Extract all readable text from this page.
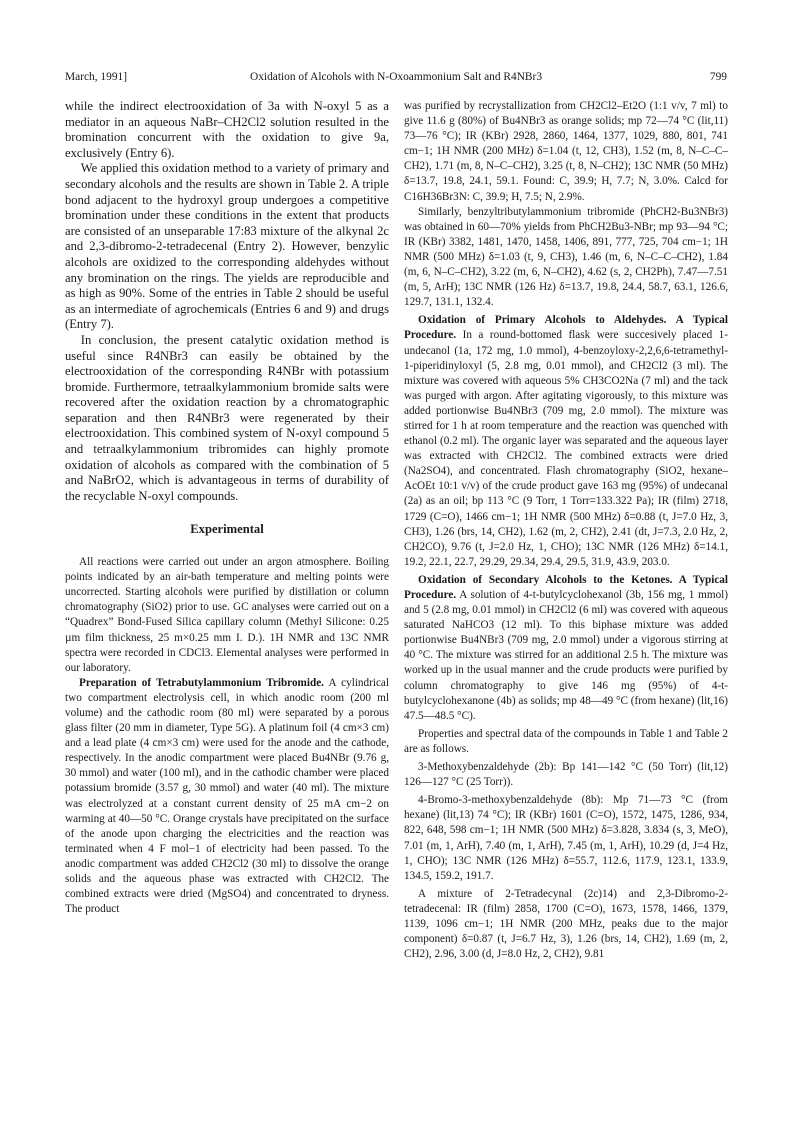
March, 1991]	Oxidation of Alcohols with N-Oxoammonium Salt and R4NBr3	799

while the indirect electrooxidation of 3a with N-oxyl 5 as a mediator in an aqueous NaBr–CH2Cl2 solution resulted in the bromination concurrent with the oxidation to give 9a, exclusively (Entry 6).

We applied this oxidation method to a variety of primary and secondary alcohols and the results are shown in Table 2. A triple bond adjacent to the hydroxyl group undergoes a competitive bromination under these conditions in the extent that products are consisted of an unseparable 17:83 mixture of the alkynal 2c and 2,3-dibromo-2-tetradecenal (Entry 2). However, benzylic alcohols are oxidized to the corresponding aldehydes without any bromination on the rings. The yields are reproducible and as high as 90%. Some of the entries in Table 2 should be useful as an intermediate of agrochemicals (Entries 6 and 9) and drugs (Entry 7).

In conclusion, the present catalytic oxidation method is useful since R4NBr3 can easily be obtained by the electrooxidation of the corresponding R4NBr with potassium bromide. Furthermore, tetraalkylammonium bromide salts were recovered after the oxidation reaction by a chromatographic separation and then R4NBr3 were regenerated by their electrooxidation. This combined system of N-oxyl compound 5 and tetraalkylammonium tribromides can highly promote oxidation of alcohols as compared with the combination of 5 and NaBrO2, which is advantageous in terms of durability of the recyclable N-oxyl compounds.

Experimental

All reactions were carried out under an argon atmosphere. Boiling points indicated by an air-bath temperature and melting points were uncorrected. Starting alcohols were purified by distillation or column chromatography (SiO2) prior to use. GC analyses were carried out on a “Quadrex” Bond-Fused Silica capillary column (Methyl Silicone: 0.25 µm film thickness, 25 m×0.25 mm I. D.). 1H NMR and 13C NMR spectra were recorded in CDCl3. Elemental analyses were performed in our laboratory.

Preparation of Tetrabutylammonium Tribromide. A cylindrical two compartment electrolysis cell, in which anodic room (200 ml volume) and the cathodic room (80 ml) were separated by a porous glass filter (20 mm in diameter, Type 5G). A platinum foil (4 cm×3 cm) and a lead plate (4 cm×3 cm) were used for the anode and the cathode, respectively. In the anodic compartment were placed Bu4NBr (9.76 g, 30 mmol) and water (100 ml), and in the cathodic chamber were placed potassium bromide (3.57 g, 30 mmol) and water (40 ml). The mixture was electrolyzed at a constant current density of 25 mA cm−2 on warming at 40—50 °C. Orange crystals have precipitated on the surface of the anode upon charging the electricities and the reaction was terminated when 4 F mol−1 of electricity had been passed. To the anodic compartment was added CH2Cl2 (30 ml) to dissolve the orange solids and the aqueous phase was extracted with CH2Cl2. The combined extracts were dried (MgSO4) and concentrated to dryness. The product

was purified by recrystallization from CH2Cl2–Et2O (1:1 v/v, 7 ml) to give 11.6 g (80%) of Bu4NBr3 as orange solids; mp 72—74 °C (lit,11) 73—76 °C); IR (KBr) 2928, 2860, 1464, 1377, 1029, 880, 801, 741 cm−1; 1H NMR (200 MHz) δ=1.04 (t, 12, CH3), 1.52 (m, 8, N–C–C–CH2), 1.71 (m, 8, N–C–CH2), 3.25 (t, 8, N–CH2); 13C NMR (50 MHz) δ=13.7, 19.8, 24.1, 59.1. Found: C, 39.9; H, 7.7; N, 3.0%. Calcd for C16H36Br3N: C, 39.9; H, 7.5; N, 2.9%.

Similarly, benzyltributylammonium tribromide (PhCH2-Bu3NBr3) was obtained in 60—70% yields from PhCH2Bu3-NBr; mp 93—94 °C; IR (KBr) 3382, 1481, 1470, 1458, 1406, 891, 777, 725, 704 cm−1; 1H NMR (500 MHz) δ=1.03 (t, 9, CH3), 1.46 (m, 6, N–C–C–CH2), 1.84 (m, 6, N–C–CH2), 3.22 (m, 6, N–CH2), 4.62 (s, 2, CH2Ph), 7.47—7.51 (m, 5, ArH); 13C NMR (126 Hz) δ=13.7, 19.8, 24.4, 58.7, 63.1, 126.6, 129.7, 131.1, 132.4.

Oxidation of Primary Alcohols to Aldehydes. A Typical Procedure. In a round-bottomed flask were succesively placed 1-undecanol (1a, 172 mg, 1.0 mmol), 4-benzoyloxy-2,2,6,6-tetramethyl-1-piperidinyloxyl (5, 2.8 mg, 0.01 mmol), and CH2Cl2 (3 ml). The mixture was covered with aqueous 5% CH3CO2Na (7 ml) and the tack was purged with argon. After agitating vigorously, to this mixture was added portionwise Bu4NBr3 (709 mg, 2.0 mmol). The mixture was stirred for 1 h at room temperature and the reaction was quenched with ethanol (0.2 ml). The organic layer was separated and the aqueous layer was extracted with CH2Cl2. The combined extracts were dried (Na2SO4), and concentrated. Flash chromatography (SiO2, hexane–AcOEt 10:1 v/v) of the crude product gave 163 mg (95%) of undecanal (2a) as an oil; bp 113 °C (9 Torr, 1 Torr=133.322 Pa); IR (film) 2718, 1729 (C=O), 1466 cm−1; 1H NMR (500 MHz) δ=0.88 (t, J=7.0 Hz, 3, CH3), 1.26 (brs, 14, CH2), 1.62 (m, 2, CH2), 2.41 (dt, J=7.3, 2.0 Hz, 2, CH2CO), 9.76 (t, J=2.0 Hz, 1, CHO); 13C NMR (126 MHz) δ=14.1, 19.2, 22.1, 22.7, 29.29, 29.34, 29.4, 29.5, 31.9, 43.9, 203.0.

Oxidation of Secondary Alcohols to the Ketones. A Typical Procedure. A solution of 4-t-butylcyclohexanol (3b, 156 mg, 1 mmol) and 5 (2.8 mg, 0.01 mmol) in CH2Cl2 (6 ml) was covered with aqueous saturated NaHCO3 (12 ml). To this biphase mixture was added portionwise Bu4NBr3 (709 mg, 2.0 mmol) under a vigorous stirring at 40 °C. The mixture was stirred for an additional 2.5 h. The mixture was worked up in the usual manner and the crude products were purified by column chromatography to give 146 mg (95%) of 4-t-butylcyclohexanone (4b) as solids; mp 48—49 °C (from hexane) (lit,16) 47.5—48.5 °C).

Properties and spectral data of the compounds in Table 1 and Table 2 are as follows.

3-Methoxybenzaldehyde (2b): Bp 141—142 °C (50 Torr) (lit,12) 126—127 °C (25 Torr)).

4-Bromo-3-methoxybenzaldehyde (8b): Mp 71—73 °C (from hexane) (lit,13) 74 °C); IR (KBr) 1601 (C=O), 1572, 1475, 1286, 934, 822, 648, 598 cm−1; 1H NMR (500 MHz) δ=3.828, 3.834 (s, 3, MeO), 7.01 (m, 1, ArH), 7.40 (m, 1, ArH), 7.45 (m, 1, ArH), 10.29 (d, J=4 Hz, 1, CHO); 13C NMR (126 MHz) δ=55.7, 112.6, 117.9, 123.1, 133.9, 134.5, 159.2, 191.7.

A mixture of 2-Tetradecynal (2c)14) and 2,3-Dibromo-2-tetradecenal: IR (film) 2858, 1700 (C=O), 1673, 1578, 1466, 1379, 1139, 1096 cm−1; 1H NMR (200 MHz, peaks due to the major component) δ=0.87 (t, J=6.7 Hz, 3), 1.26 (brs, 14, CH2), 1.69 (m, 2, CH2), 2.96, 3.00 (d, J=8.0 Hz, 2, CH2), 9.81
